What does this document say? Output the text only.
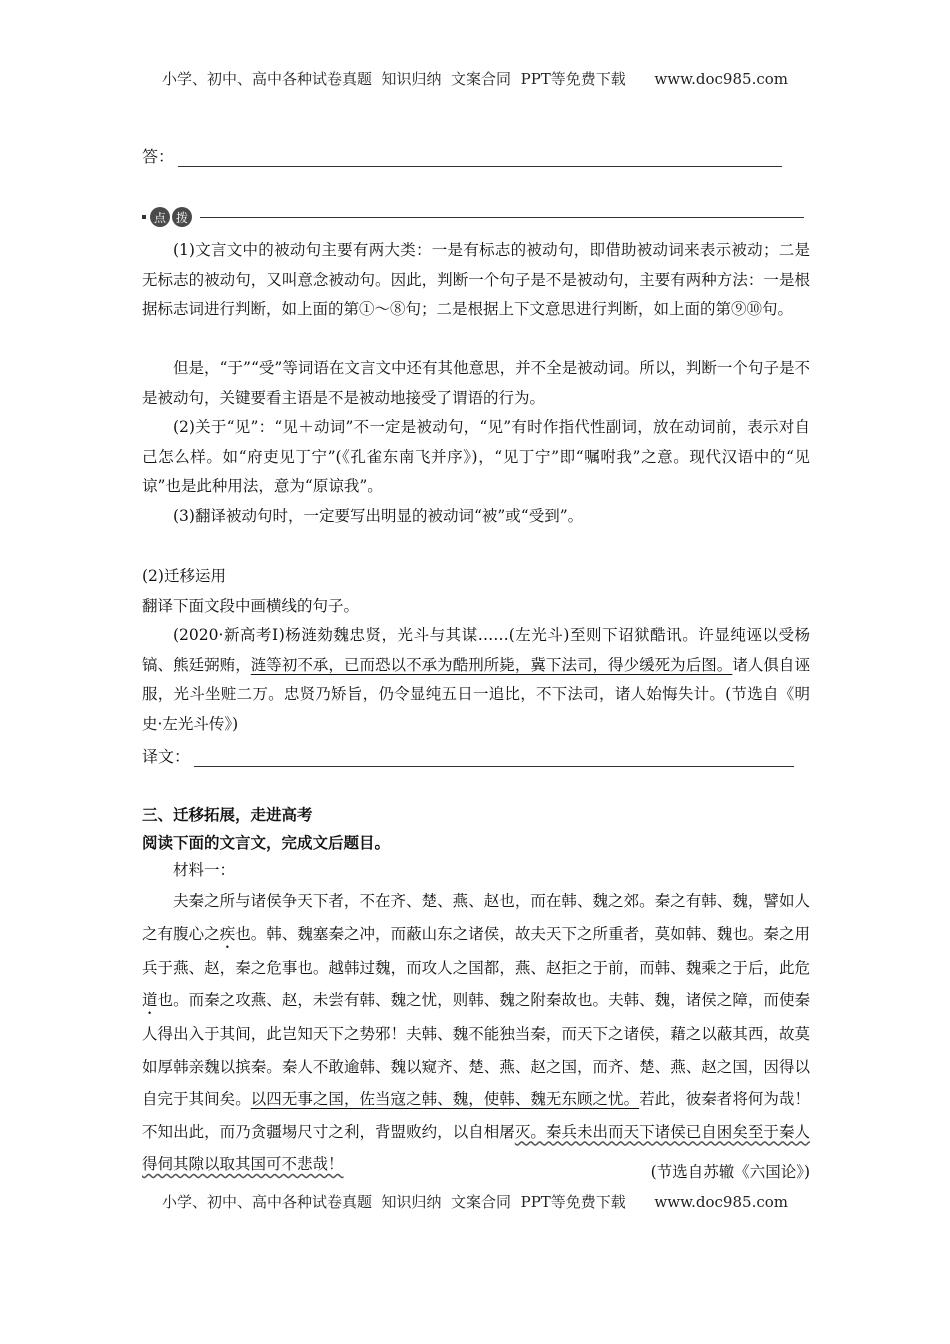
小学、初中、高中各种试卷真题  知识归纳  文案合同  PPT等免费下载      www.doc985.com
答：
点 拨

(1)文言文中的被动句主要有两大类：一是有标志的被动句，即借助被动词来表示被动；二是无标志的被动句，又叫意念被动句。因此，判断一个句子是不是被动句，主要有两种方法：一是根据标志词进行判断，如上面的第①～⑧句；二是根据上下文意思进行判断，如上面的第⑨⑩句。

但是，“于”“受”等词语在文言文中还有其他意思，并不全是被动词。所以，判断一个句子是不是被动句，关键要看主语是不是被动地接受了谓语的行为。

(2)关于“见”：“见＋动词”不一定是被动句，“见”有时作指代性副词，放在动词前，表示对自己怎么样。如“府吏见丁宁”(《孔雀东南飞并序》)，“见丁宁”即“嘱咐我”之意。现代汉语中的“见谅”也是此种用法，意为“原谅我”。

(3)翻译被动句时，一定要写出明显的被动词“被”或“受到”。

(2)迁移运用
翻译下面文段中画横线的句子。

(2020·新高考Ⅰ)杨涟劾魏忠贤，光斗与其谋……(左光斗)至则下诏狱酷讯。许显纯诬以受杨镐、熊廷弼贿，涟等初不承，已而恐以不承为酷刑所毙，冀下法司，得少缓死为后图。诸人俱自诬服，光斗坐赃二万。忠贤乃矫旨，仍令显纯五日一追比，不下法司，诸人始悔失计。(节选自《明史·左光斗传》)

译文：
三、迁移拓展，走进高考
阅读下面的文言文，完成文后题目。
材料一：

夫秦之所与诸侯争天下者，不在齐、楚、燕、赵也，而在韩、魏之郊。秦之有韩、魏，譬如人之有腹心之疾也。韩、魏塞秦之冲，而蔽山东之诸侯，故夫天下之所重者，莫如韩、魏也。秦之用兵于燕、赵，秦之危事也。越韩过魏，而攻人之国都，燕、赵拒之于前，而韩、魏乘之于后，此危道也。而秦之攻燕、赵，未尝有韩、魏之忧，则韩、魏之附秦故也。夫韩、魏，诸侯之障，而使秦人得出入于其间，此岂知天下之势邪！夫韩、魏不能独当秦，而天下之诸侯，藉之以蔽其西，故莫如厚韩亲魏以摈秦。秦人不敢逾韩、魏以窥齐、楚、燕、赵之国，而齐、楚、燕、赵之国，因得以自完于其间矣。以四无事之国，佐当寇之韩、魏，使韩、魏无东顾之忧。若此，彼秦者将何为哉！不知出此，而乃贪疆埸尺寸之利，背盟败约，以自相屠灭。秦兵未出而天下诸侯已自困矣至于秦人得伺其隙以取其国可不悲哉！	(节选自苏辙《六国论》)
小学、初中、高中各种试卷真题  知识归纳  文案合同  PPT等免费下载      www.doc985.com
